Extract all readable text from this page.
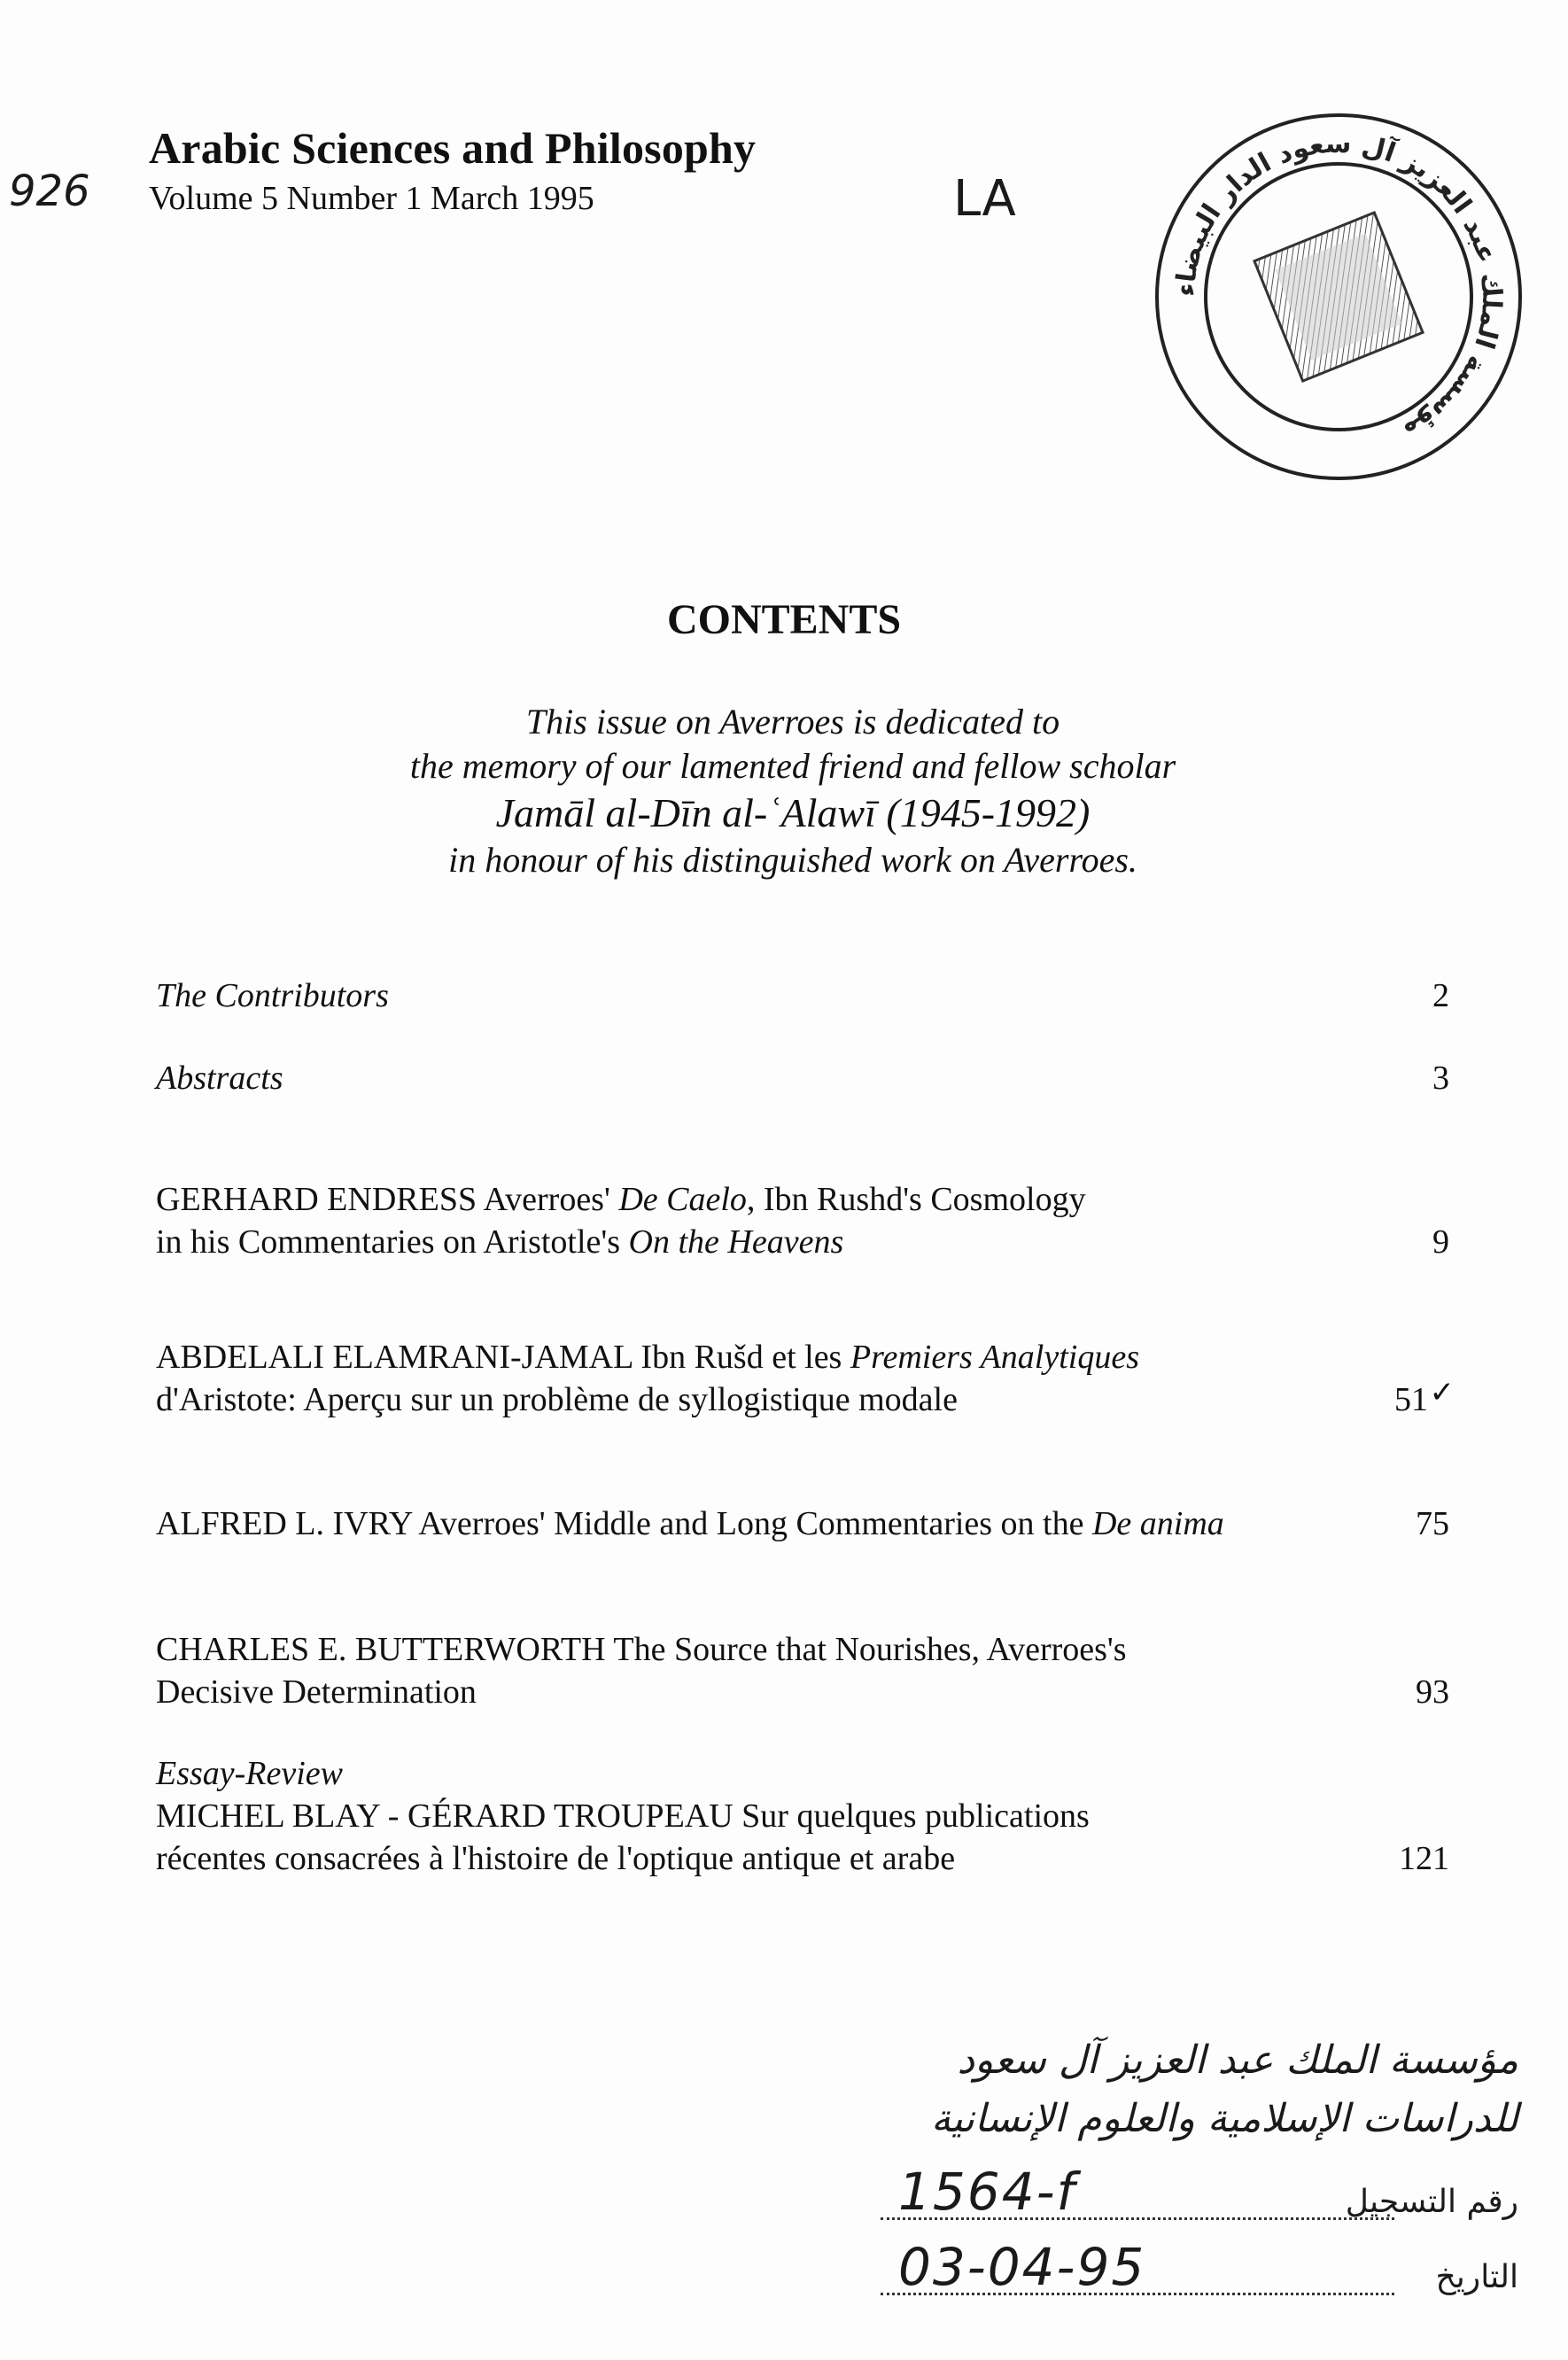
926
Arabic Sciences and Philosophy
Volume 5 Number 1 March 1995	LA
مؤسسة الملك عبد العزيز آل سعود الدار البيضاء
CONTENTS
This issue on Averroes is dedicated to
the memory of our lamented friend and fellow scholar
Jamāl al-Dīn al-ʿAlawī (1945-1992)
in honour of his distinguished work on Averroes.
The Contributors	2
Abstracts	3
GERHARD ENDRESS Averroes' De Caelo, Ibn Rushd's Cosmology
in his Commentaries on Aristotle's On the Heavens	9
ABDELALI ELAMRANI-JAMAL Ibn Rušd et les Premiers Analytiques
d'Aristote: Aperçu sur un problème de syllogistique modale	51 ✓
ALFRED L. IVRY Averroes' Middle and Long Commentaries on the De anima	75
CHARLES E. BUTTERWORTH The Source that Nourishes, Averroes's
Decisive Determination	93
Essay-Review
MICHEL BLAY - GÉRARD TROUPEAU Sur quelques publications
récentes consacrées à l'histoire de l'optique antique et arabe	121
مؤسسة الملك عبد العزيز آل سعود
للدراسات الإسلامية والعلوم الإنسانية
1564-f	رقم التسجيل
03-04-95	التاريخ
